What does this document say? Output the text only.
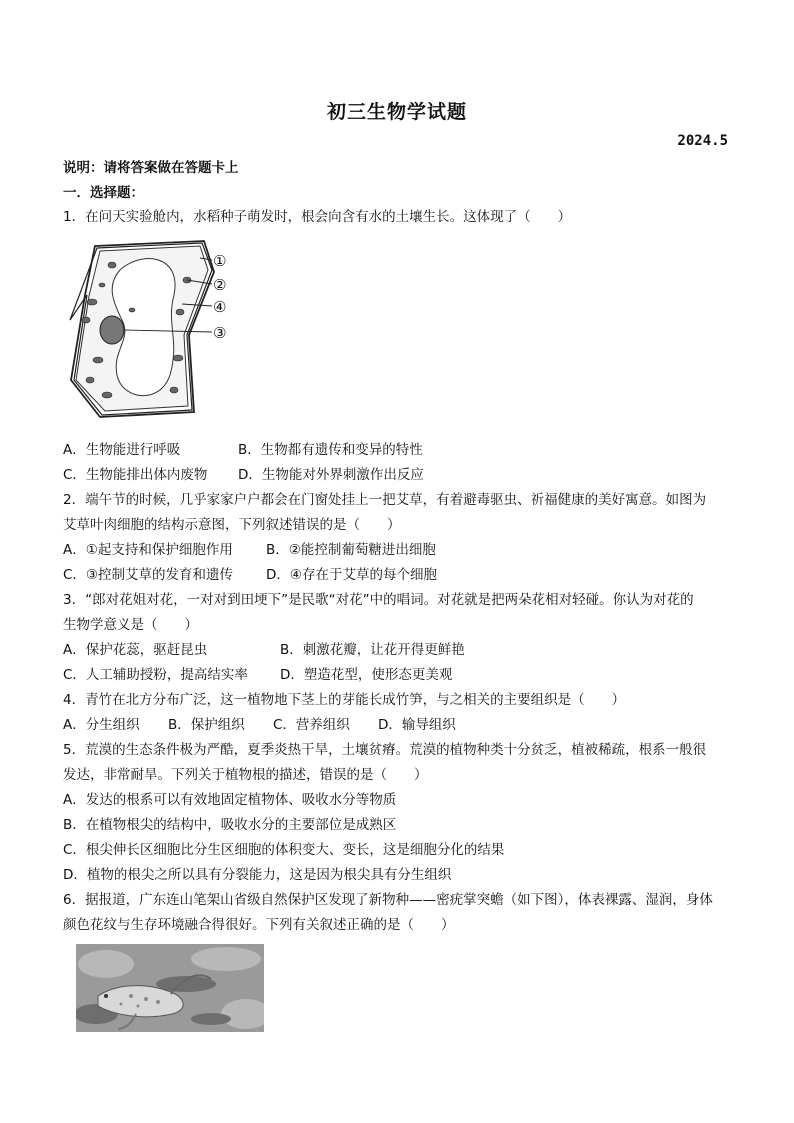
初三生物学试题
2024.5
说明：请将答案做在答题卡上
一．选择题：
1．在问天实验舱内，水稻种子萌发时，根会向含有水的土壤生长。这体现了（　　）
①
②
④
③
A．生物能进行呼吸	B．生物都有遗传和变异的特性
C．生物能排出体内废物 D．生物能对外界刺激作出反应
2．端午节的时候，几乎家家户户都会在门窗处挂上一把艾草，有着避毒驱虫、祈福健康的美好寓意。如图为
艾草叶肉细胞的结构示意图，下列叙述错误的是（　　）
A．①起支持和保护细胞作用 B．②能控制葡萄糖进出细胞
C．③控制艾草的发育和遗传 D．④存在于艾草的每个细胞
3．“郎对花姐对花，一对对到田埂下”是民歌“对花”中的唱词。对花就是把两朵花相对轻碰。你认为对花的
生物学意义是（　　）
A．保护花蕊，驱赶昆虫	B．刺激花瓣，让花开得更鲜艳
C．人工辅助授粉，提高结实率 D．塑造花型，使形态更美观
4．青竹在北方分布广泛，这一植物地下茎上的芽能长成竹笋，与之相关的主要组织是（　　）
A．分生组织 B．保护组织 C．营养组织 D．输导组织
5．荒漠的生态条件极为严酷，夏季炎热干旱，土壤贫瘠。荒漠的植物种类十分贫乏，植被稀疏，根系一般很
发达，非常耐旱。下列关于植物根的描述，错误的是（　　）
A．发达的根系可以有效地固定植物体、吸收水分等物质
B．在植物根尖的结构中，吸收水分的主要部位是成熟区
C．根尖伸长区细胞比分生区细胞的体积变大、变长，这是细胞分化的结果
D．植物的根尖之所以具有分裂能力，这是因为根尖具有分生组织
6．据报道，广东连山笔架山省级自然保护区发现了新物种——密疣掌突蟾（如下图），体表裸露、湿润，身体
颜色花纹与生存环境融合得很好。下列有关叙述正确的是（　　）
